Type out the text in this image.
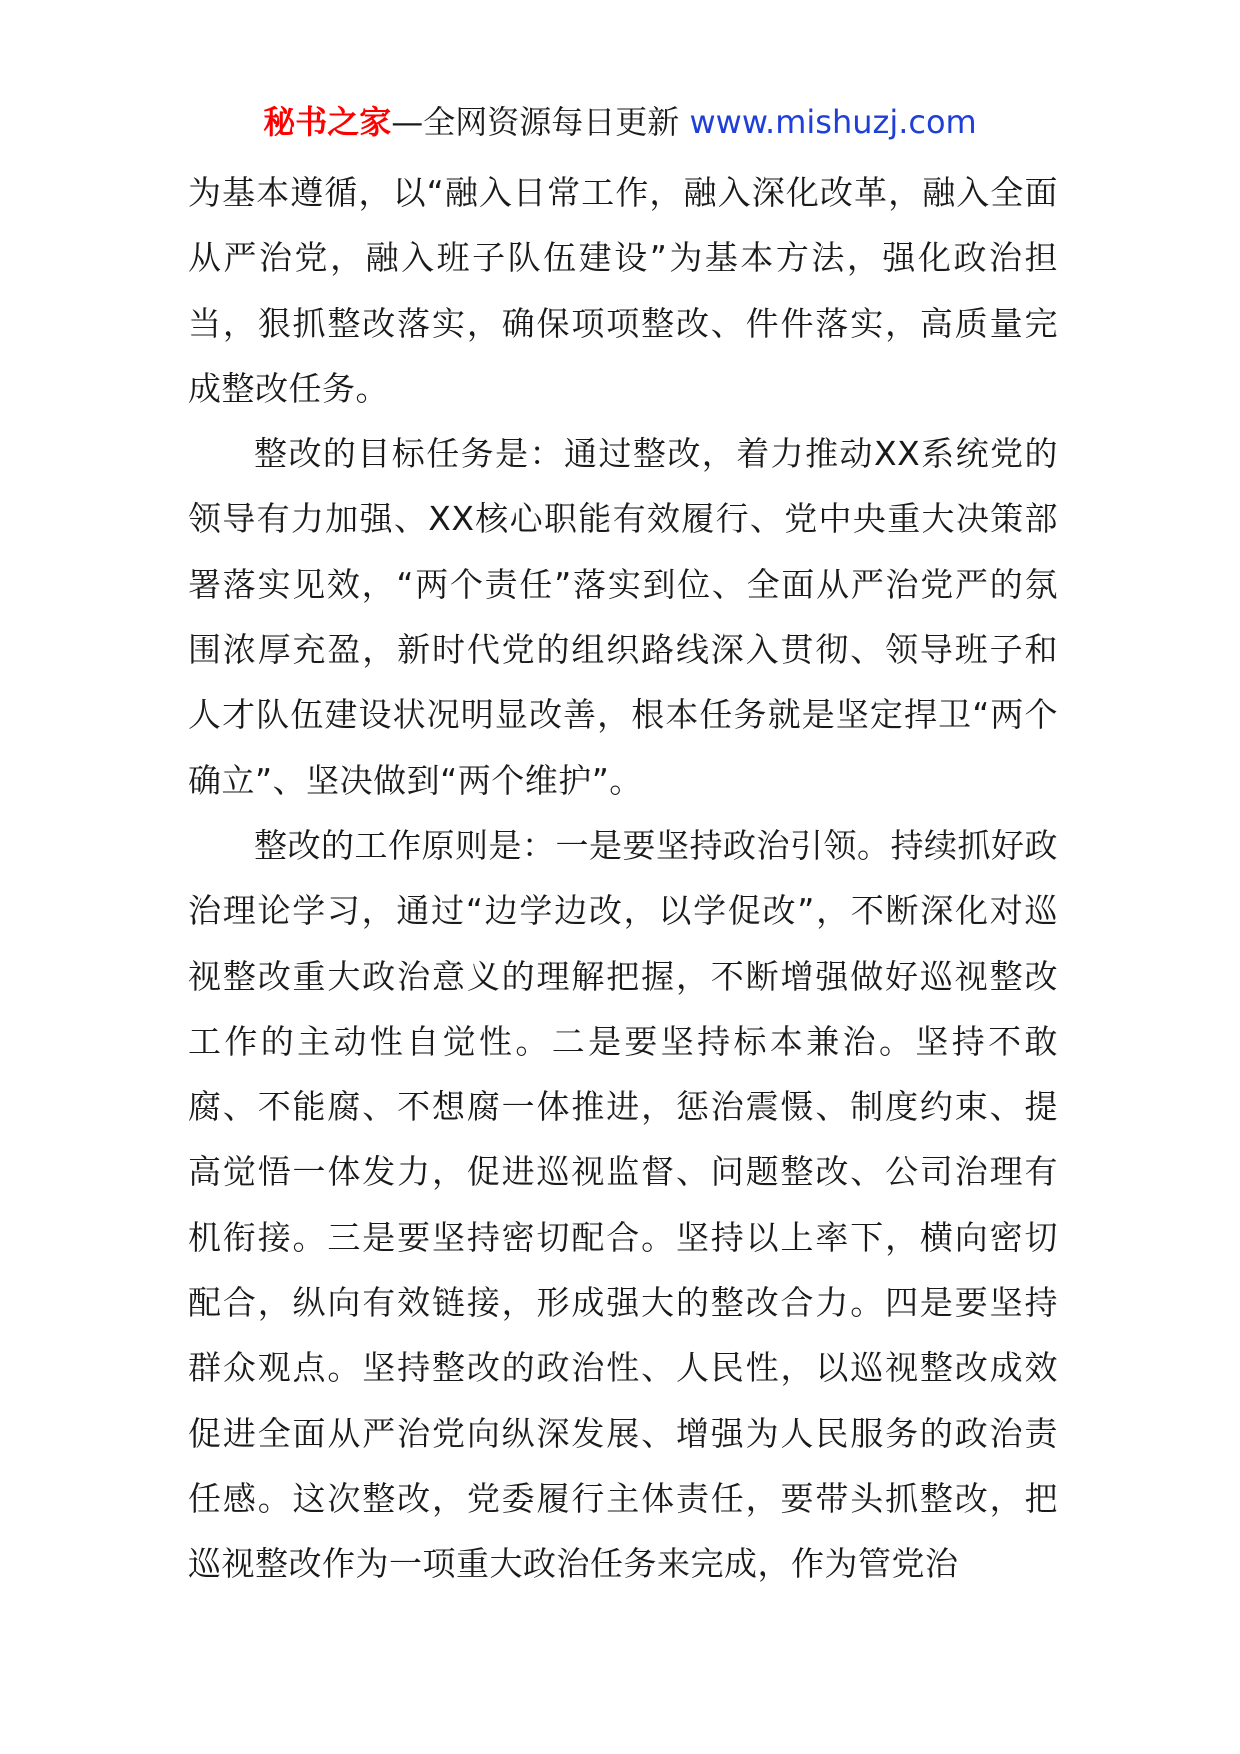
秘书之家—全网资源每日更新 www.mishuzj.com

为基本遵循，以“融入日常工作，融入深化改革，融入全面从严治党，融入班子队伍建设”为基本方法，强化政治担当，狠抓整改落实，确保项项整改、件件落实，高质量完成整改任务。

整改的目标任务是：通过整改，着力推动XX系统党的领导有力加强、XX核心职能有效履行、党中央重大决策部署落实见效，“两个责任”落实到位、全面从严治党严的氛围浓厚充盈，新时代党的组织路线深入贯彻、领导班子和人才队伍建设状况明显改善，根本任务就是坚定捍卫“两个确立”、坚决做到“两个维护”。

整改的工作原则是：一是要坚持政治引领。持续抓好政治理论学习，通过“边学边改，以学促改”，不断深化对巡视整改重大政治意义的理解把握，不断增强做好巡视整改工作的主动性自觉性。二是要坚持标本兼治。坚持不敢腐、不能腐、不想腐一体推进，惩治震慑、制度约束、提高觉悟一体发力，促进巡视监督、问题整改、公司治理有机衔接。三是要坚持密切配合。坚持以上率下，横向密切配合，纵向有效链接，形成强大的整改合力。四是要坚持群众观点。坚持整改的政治性、人民性，以巡视整改成效促进全面从严治党向纵深发展、增强为人民服务的政治责任感。这次整改，党委履行主体责任，要带头抓整改，把巡视整改作为一项重大政治任务来完成，作为管党治
